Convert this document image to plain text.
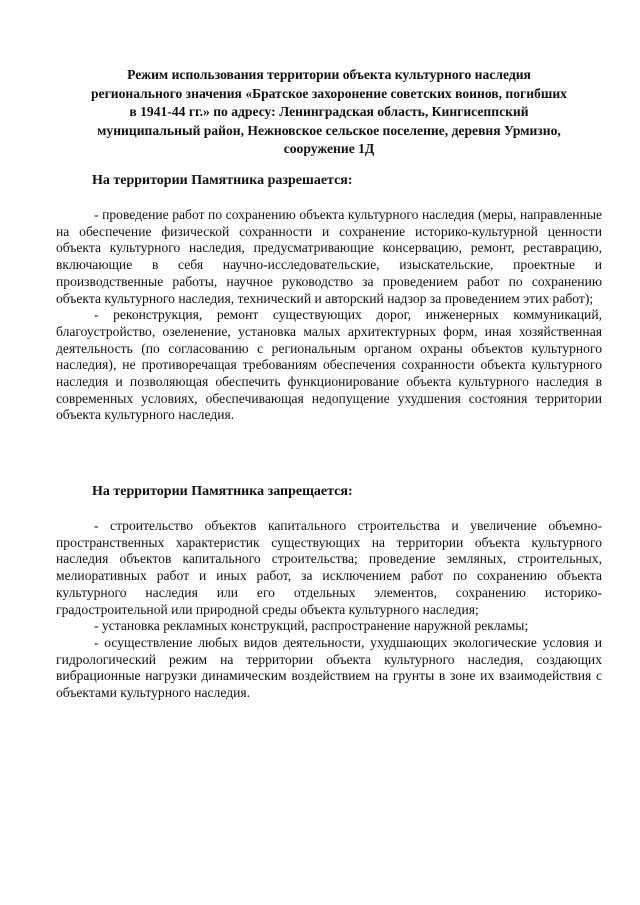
Режим использования территории объекта культурного наследия
регионального значения «Братское захоронение советских воинов, погибших
в 1941-44 гг.» по адресу: Ленинградская область, Кингисеппский
муниципальный район, Нежновское сельское поселение, деревня Урмизно,
сооружение 1Д
На территории Памятника разрешается:

- проведение работ по сохранению объекта культурного наследия (меры, направленные на обеспечение физической сохранности и сохранение историко-культурной ценности объекта культурного наследия, предусматривающие консервацию, ремонт, реставрацию, включающие в себя научно-исследовательские, изыскательские, проектные и производственные работы, научное руководство за проведением работ по сохранению объекта культурного наследия, технический и авторский надзор за проведением этих работ);

- реконструкция, ремонт существующих дорог, инженерных коммуникаций, благоустройство, озеленение, установка малых архитектурных форм, иная хозяйственная деятельность (по согласованию с региональным органом охраны объектов культурного наследия), не противоречащая требованиям обеспечения сохранности объекта культурного наследия и позволяющая обеспечить функционирование объекта культурного наследия в современных условиях, обеспечивающая недопущение ухудшения состояния территории объекта культурного наследия.

На территории Памятника запрещается:

- строительство объектов капитального строительства и увеличение объемно-пространственных характеристик существующих на территории объекта культурного наследия объектов капитального строительства; проведение земляных, строительных, мелиоративных работ и иных работ, за исключением работ по сохранению объекта культурного наследия или его отдельных элементов, сохранению историко-градостроительной или природной среды объекта культурного наследия;

- установка рекламных конструкций, распространение наружной рекламы;

- осуществление любых видов деятельности, ухудшающих экологические условия и гидрологический режим на территории объекта культурного наследия, создающих вибрационные нагрузки динамическим воздействием на грунты в зоне их взаимодействия с объектами культурного наследия.
